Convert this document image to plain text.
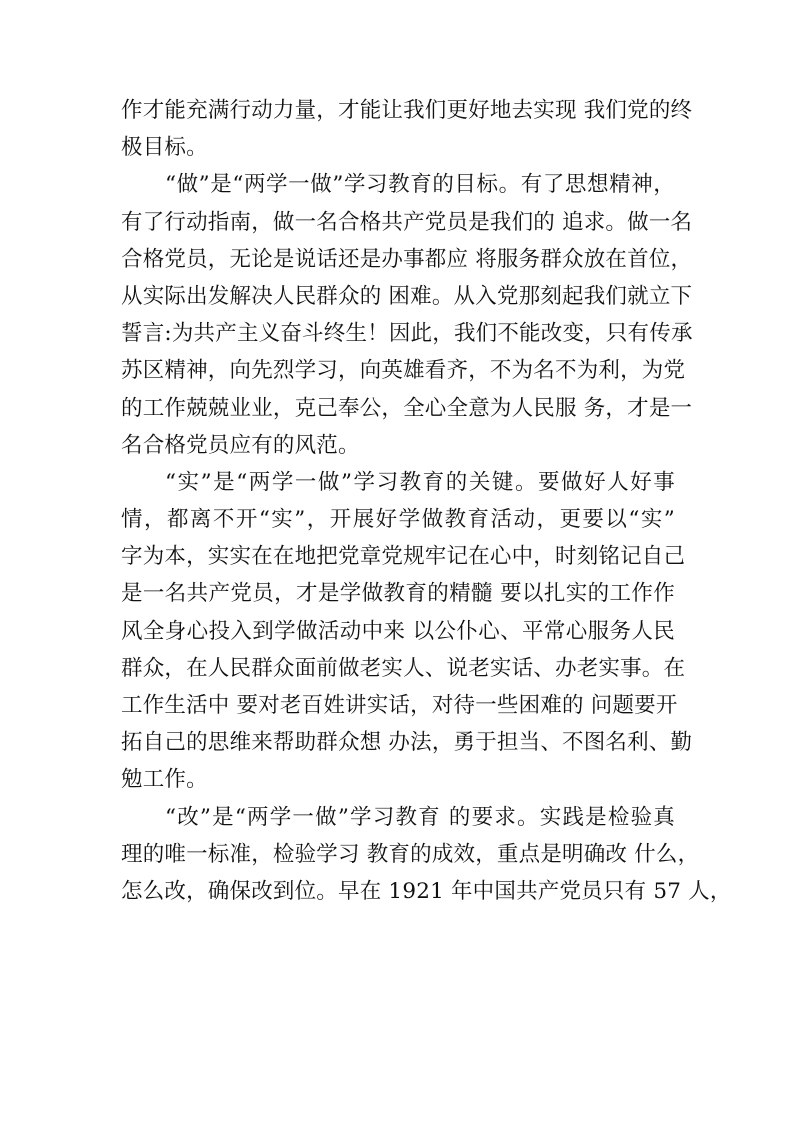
作才能充满行动力量，才能让我们更好地去实现 我们党的终
极目标。
“做”是“两学一做”学习教育的目标。有了思想精神，
有了行动指南，做一名合格共产党员是我们的 追求。做一名
合格党员，无论是说话还是办事都应 将服务群众放在首位，
从实际出发解决人民群众的 困难。从入党那刻起我们就立下
誓言:为共产主义奋斗终生！因此，我们不能改变，只有传承
苏区精神，向先烈学习，向英雄看齐，不为名不为利，为党
的工作兢兢业业，克己奉公，全心全意为人民服 务，才是一
名合格党员应有的风范。
“实”是“两学一做”学习教育的关键。要做好人好事
情，都离不开“实”，开展好学做教育活动，更要以“实”
字为本，实实在在地把党章党规牢记在心中，时刻铭记自己
是一名共产党员，才是学做教育的精髓 要以扎实的工作作
风全身心投入到学做活动中来 以公仆心、平常心服务人民
群众，在人民群众面前做老实人、说老实话、办老实事。在
工作生活中 要对老百姓讲实话，对待一些困难的 问题要开
拓自己的思维来帮助群众想 办法，勇于担当、不图名利、勤
勉工作。
“改”是“两学一做”学习教育 的要求。实践是检验真
理的唯一标准，检验学习 教育的成效，重点是明确改 什么，
怎么改，确保改到位。早在 1921 年中国共产党员只有 57 人，
